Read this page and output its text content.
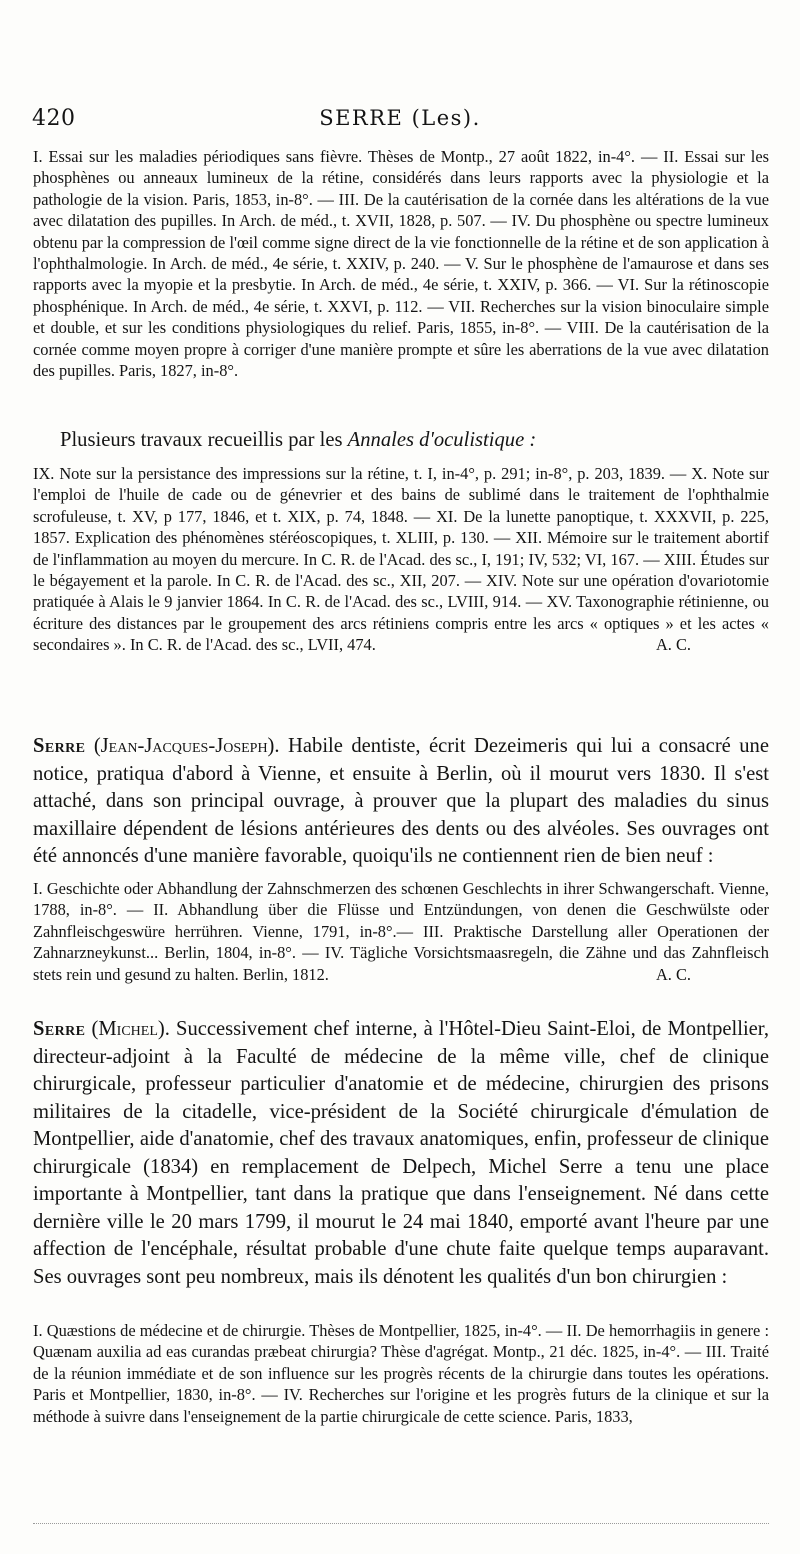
420	SERRE (Les).

I. Essai sur les maladies périodiques sans fièvre. Thèses de Montp., 27 août 1822, in-4°. — II. Essai sur les phosphènes ou anneaux lumineux de la rétine, considérés dans leurs rapports avec la physiologie et la pathologie de la vision. Paris, 1853, in-8°. — III. De la cautérisation de la cornée dans les altérations de la vue avec dilatation des pupilles. In Arch. de méd., t. XVII, 1828, p. 507. — IV. Du phosphène ou spectre lumineux obtenu par la compression de l'œil comme signe direct de la vie fonctionnelle de la rétine et de son application à l'ophthalmologie. In Arch. de méd., 4e série, t. XXIV, p. 240. — V. Sur le phosphène de l'amaurose et dans ses rapports avec la myopie et la presbytie. In Arch. de méd., 4e série, t. XXIV, p. 366. — VI. Sur la rétinoscopie phosphénique. In Arch. de méd., 4e série, t. XXVI, p. 112. — VII. Recherches sur la vision binoculaire simple et double, et sur les conditions physiologiques du relief. Paris, 1855, in-8°. — VIII. De la cautérisation de la cornée comme moyen propre à corriger d'une manière prompte et sûre les aberrations de la vue avec dilatation des pupilles. Paris, 1827, in-8°.

Plusieurs travaux recueillis par les Annales d'oculistique :

IX. Note sur la persistance des impressions sur la rétine, t. I, in-4°, p. 291; in-8°, p. 203, 1839. — X. Note sur l'emploi de l'huile de cade ou de génevrier et des bains de sublimé dans le traitement de l'ophthalmie scrofuleuse, t. XV, p 177, 1846, et t. XIX, p. 74, 1848. — XI. De la lunette panoptique, t. XXXVII, p. 225, 1857. Explication des phénomènes stéréoscopiques, t. XLIII, p. 130. — XII. Mémoire sur le traitement abortif de l'inflammation au moyen du mercure. In C. R. de l'Acad. des sc., I, 191; IV, 532; VI, 167. — XIII. Études sur le bégayement et la parole. In C. R. de l'Acad. des sc., XII, 207. — XIV. Note sur une opération d'ovariotomie pratiquée à Alais le 9 janvier 1864. In C. R. de l'Acad. des sc., LVIII, 914. — XV. Taxonographie rétinienne, ou écriture des distances par le groupement des arcs rétiniens compris entre les arcs « optiques » et les actes « secondaires ». In C. R. de l'Acad. des sc., LVII, 474.	A. C.

Serre (Jean-Jacques-Joseph). Habile dentiste, écrit Dezeimeris qui lui a consacré une notice, pratiqua d'abord à Vienne, et ensuite à Berlin, où il mourut vers 1830. Il s'est attaché, dans son principal ouvrage, à prouver que la plupart des maladies du sinus maxillaire dépendent de lésions antérieures des dents ou des alvéoles. Ses ouvrages ont été annoncés d'une manière favorable, quoiqu'ils ne contiennent rien de bien neuf :

I. Geschichte oder Abhandlung der Zahnschmerzen des schœnen Geschlechts in ihrer Schwangerschaft. Vienne, 1788, in-8°. — II. Abhandlung über die Flüsse und Entzündungen, von denen die Geschwülste oder Zahnfleischgeswüre herrühren. Vienne, 1791, in-8°.— III. Praktische Darstellung aller Operationen der Zahnarzneykunst... Berlin, 1804, in-8°. — IV. Tägliche Vorsichtsmaasregeln, die Zähne und das Zahnfleisch stets rein und gesund zu halten. Berlin, 1812.	A. C.

Serre (Michel). Successivement chef interne, à l'Hôtel-Dieu Saint-Eloi, de Montpellier, directeur-adjoint à la Faculté de médecine de la même ville, chef de clinique chirurgicale, professeur particulier d'anatomie et de médecine, chirurgien des prisons militaires de la citadelle, vice-président de la Société chirurgicale d'émulation de Montpellier, aide d'anatomie, chef des travaux anatomiques, enfin, professeur de clinique chirurgicale (1834) en remplacement de Delpech, Michel Serre a tenu une place importante à Montpellier, tant dans la pratique que dans l'enseignement. Né dans cette dernière ville le 20 mars 1799, il mourut le 24 mai 1840, emporté avant l'heure par une affection de l'encéphale, résultat probable d'une chute faite quelque temps auparavant. Ses ouvrages sont peu nombreux, mais ils dénotent les qualités d'un bon chirurgien :

I. Quæstions de médecine et de chirurgie. Thèses de Montpellier, 1825, in-4°. — II. De hemorrhagiis in genere : Quænam auxilia ad eas curandas præbeat chirurgia? Thèse d'agrégat. Montp., 21 déc. 1825, in-4°. — III. Traité de la réunion immédiate et de son influence sur les progrès récents de la chirurgie dans toutes les opérations. Paris et Montpellier, 1830, in-8°. — IV. Recherches sur l'origine et les progrès futurs de la clinique et sur la méthode à suivre dans l'enseignement de la partie chirurgicale de cette science. Paris, 1833,
